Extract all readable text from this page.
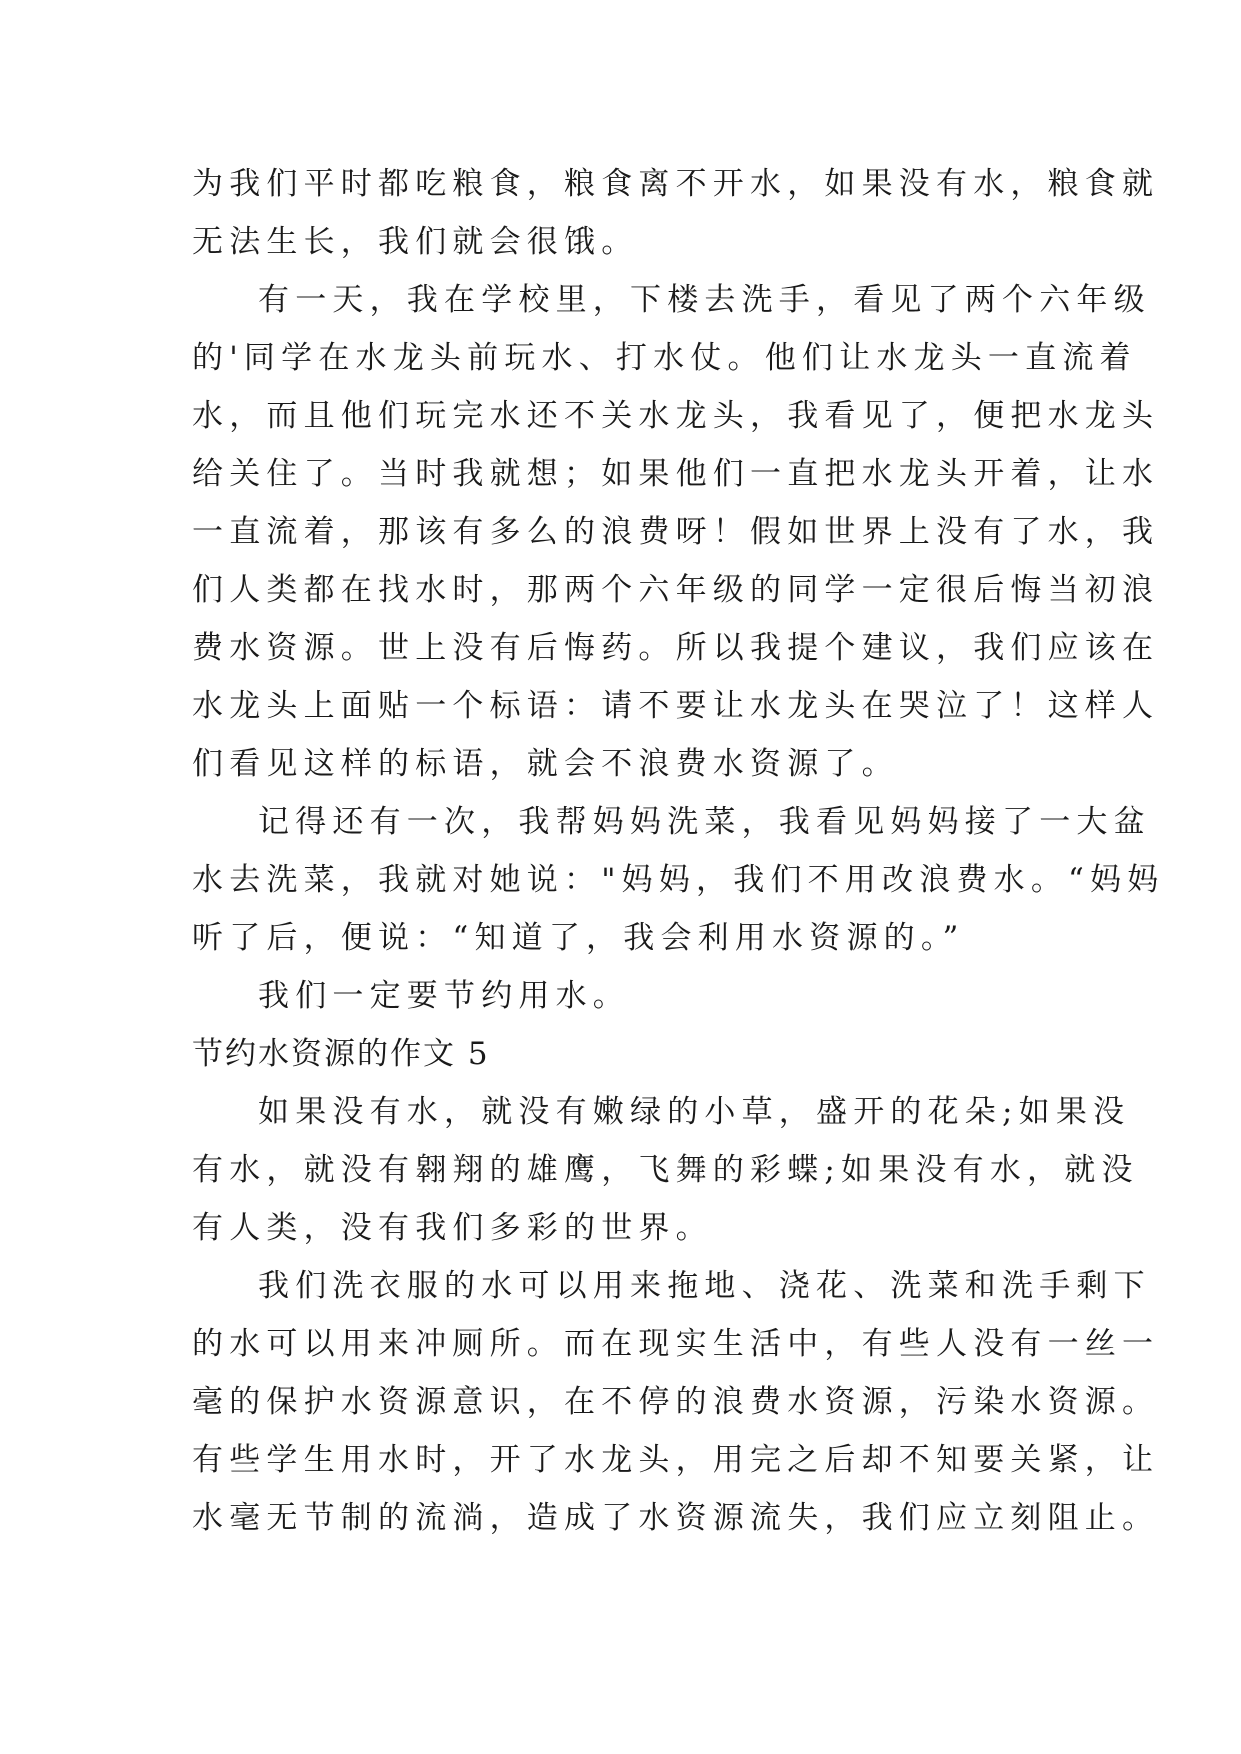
为我们平时都吃粮食，粮食离不开水，如果没有水，粮食就
无法生长，我们就会很饿。
有一天，我在学校里，下楼去洗手，看见了两个六年级
的'同学在水龙头前玩水、打水仗。他们让水龙头一直流着
水，而且他们玩完水还不关水龙头，我看见了，便把水龙头
给关住了。当时我就想；如果他们一直把水龙头开着，让水
一直流着，那该有多么的浪费呀！假如世界上没有了水，我
们人类都在找水时，那两个六年级的同学一定很后悔当初浪
费水资源。世上没有后悔药。所以我提个建议，我们应该在
水龙头上面贴一个标语：请不要让水龙头在哭泣了！这样人
们看见这样的标语，就会不浪费水资源了。
记得还有一次，我帮妈妈洗菜，我看见妈妈接了一大盆
水去洗菜，我就对她说："妈妈，我们不用改浪费水。“妈妈
听了后，便说：“知道了，我会利用水资源的。”
我们一定要节约用水。
节约水资源的作文 5
如果没有水，就没有嫩绿的小草，盛开的花朵;如果没
有水，就没有翱翔的雄鹰，飞舞的彩蝶;如果没有水，就没
有人类，没有我们多彩的世界。
我们洗衣服的水可以用来拖地、浇花、洗菜和洗手剩下
的水可以用来冲厕所。而在现实生活中，有些人没有一丝一
毫的保护水资源意识，在不停的浪费水资源，污染水资源。
有些学生用水时，开了水龙头，用完之后却不知要关紧，让
水毫无节制的流淌，造成了水资源流失，我们应立刻阻止。
